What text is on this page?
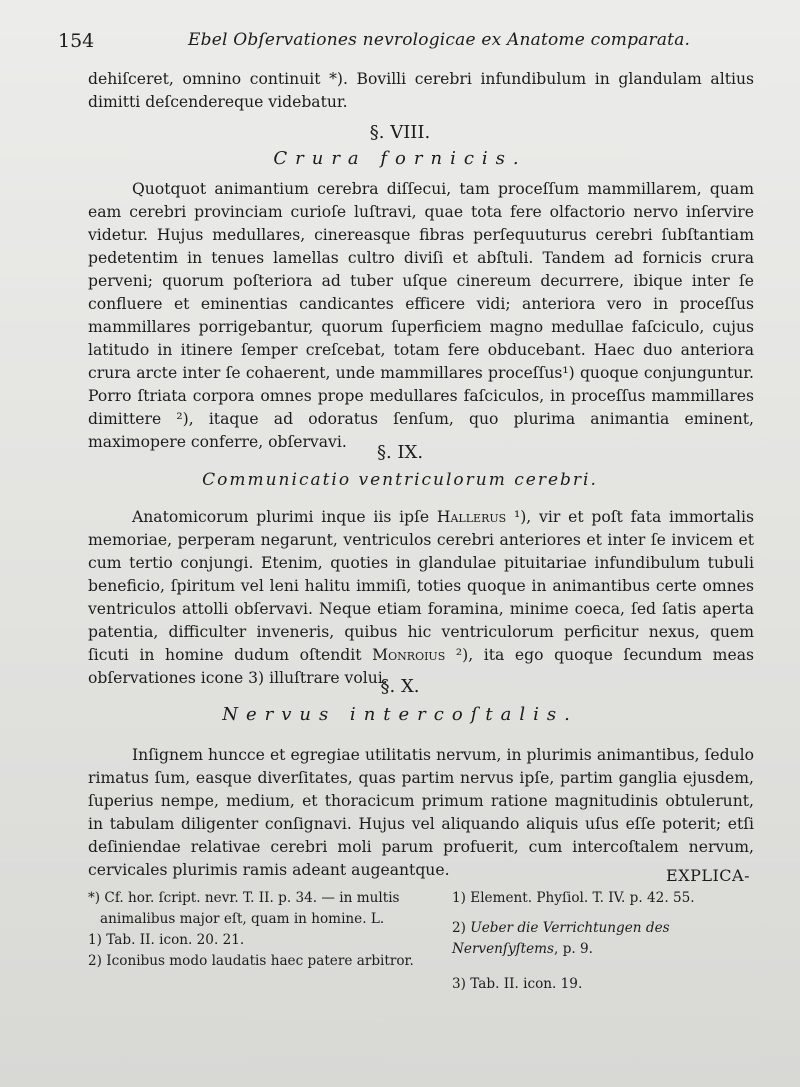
154	Ebel Obſervationes nevrologicae ex Anatome comparata.
dehiſceret, omnino continuit *). Bovilli cerebri infundibulum in glandulam altius dimitti deſcendereque videbatur.
§. VIII.
Crura fornicis.
Quotquot animantium cerebra diſſecui, tam proceſſum mammillarem, quam eam cerebri provinciam curioſe luſtravi, quae tota fere olfactorio nervo inſervire videtur. Hujus medullares, cinereasque fibras perſequuturus cerebri ſubſtantiam pedetentim in tenues lamellas cultro diviſi et abſtuli. Tandem ad fornicis crura perveni; quorum poſteriora ad tuber uſque cinereum decurrere, ibique inter ſe confluere et eminentias candicantes efficere vidi; anteriora vero in proceſſus mammillares porrigebantur, quorum ſuperficiem magno medullae faſciculo, cujus latitudo in itinere ſemper creſcebat, totam fere obducebant. Haec duo anteriora crura arcte inter ſe cohaerent, unde mammillares proceſſus¹) quoque conjunguntur. Porro ſtriata corpora omnes prope medullares faſciculos, in proceſſus mammillares dimittere ²), itaque ad odoratus ſenſum, quo plurima animantia eminent, maximopere conferre, obſervavi.	§. IX.
Communicatio ventriculorum cerebri.
Anatomicorum plurimi inque iis ipſe Hallerus ¹), vir et poſt fata immortalis memoriae, perperam negarunt, ventriculos cerebri anteriores et inter ſe invicem et cum tertio conjungi. Etenim, quoties in glandulae pituitariae infundibulum tubuli beneficio, ſpiritum vel leni halitu immiſi, toties quoque in animantibus certe omnes ventriculos attolli obſervavi. Neque etiam foramina, minime coeca, ſed ſatis aperta patentia, difficulter inveneris, quibus hic ventriculorum perficitur nexus, quem ſicuti in homine dudum oſtendit Monroius ²), ita ego quoque ſecundum meas obſervationes icone 3) illuſtrare volui.
§. X.
Nervus intercoſtalis.
Inſignem huncce et egregiae utilitatis nervum, in plurimis animantibus, ſedulo rimatus ſum, easque diverſitates, quas partim nervus ipſe, partim ganglia ejusdem, ſuperius nempe, medium, et thoracicum primum ratione magnitudinis obtulerunt, in tabulam diligenter conſignavi. Hujus vel aliquando aliquis uſus eſſe poterit; etſi deſiniendae relativae cerebri moli parum profuerit, cum intercoſtalem nervum, cervicales plurimis ramis adeant augeantque.	EXPLICA-
*) Cf. hor. ſcript. nevr. T. II. p. 34. — in multis animalibus major eſt, quam in homine. L.
1) Tab. II. icon. 20. 21.
2) Iconibus modo laudatis haec patere arbitror.
1) Element. Phyſiol. T. IV. p. 42. 55.
2) Ueber die Verrichtungen des Nervenſyſtems, p. 9.
3) Tab. II. icon. 19.
